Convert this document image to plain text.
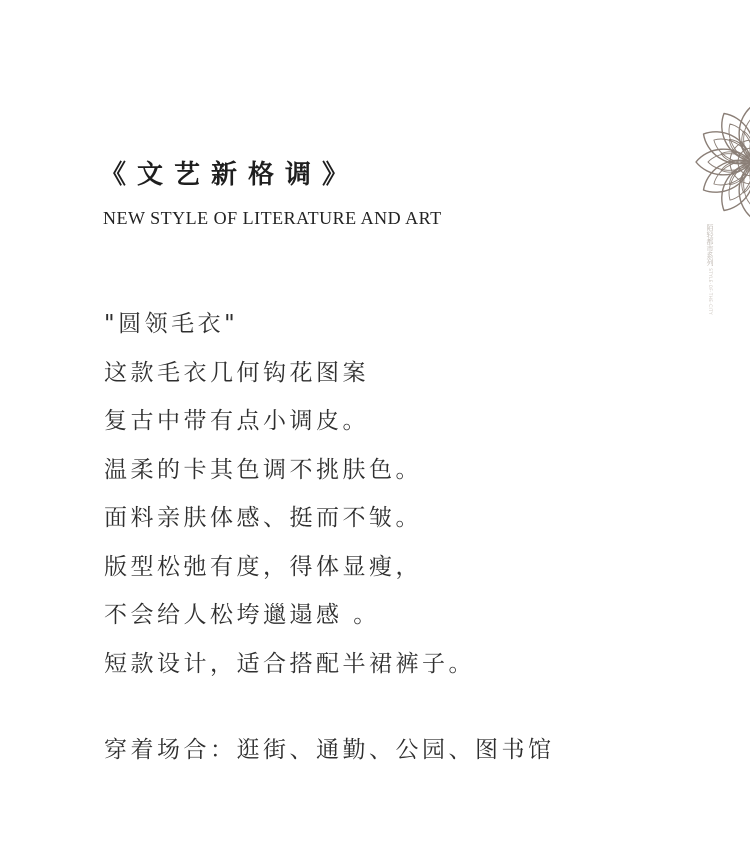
《文艺新格调》
NEW STYLE OF LITERATURE AND ART
"圆领毛衣"
这款毛衣几何钩花图案
复古中带有点小调皮。
温柔的卡其色调不挑肤色。
面料亲肤体感、挺而不皱。
版型松弛有度，得体显瘦，
不会给人松垮邋遢感 。
短款设计，适合搭配半裙裤子。
穿着场合：逛街、通勤、公园、图书馆
陌轻都市系列 STYLE·OF·THE·CITY
